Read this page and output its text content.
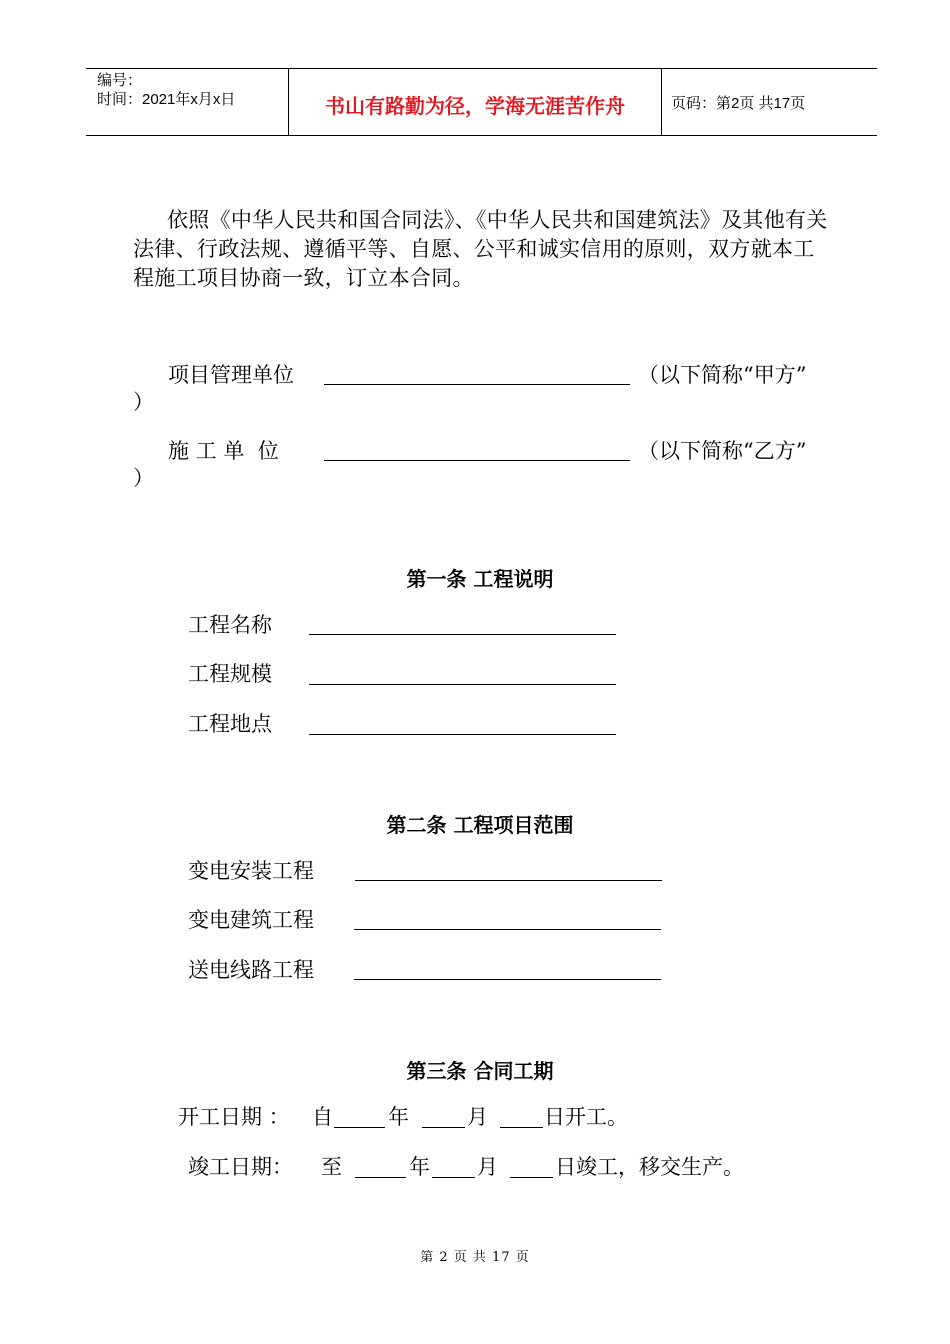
编号：
时间：2021年x月x日	书山有路勤为径，学海无涯苦作舟	页码：第2页 共17页
依照《中华人民共和国合同法》、《中华人民共和国建筑法》及其他有关法律、行政法规、遵循平等、自愿、公平和诚实信用的原则，双方就本工程施工项目协商一致，订立本合同。
项目管理单位	（以下简称“甲方”
）
施 工 单  位	（以下简称“乙方”
）
第一条 工程说明
工程名称
工程规模
工程地点
第二条 工程项目范围
变电安装工程
变电建筑工程
送电线路工程
第三条 合同工期
开工日期 ： 自	年	月	日开工。
竣工日期： 至	年 月	日竣工，移交生产。
第 2 页 共 17 页
